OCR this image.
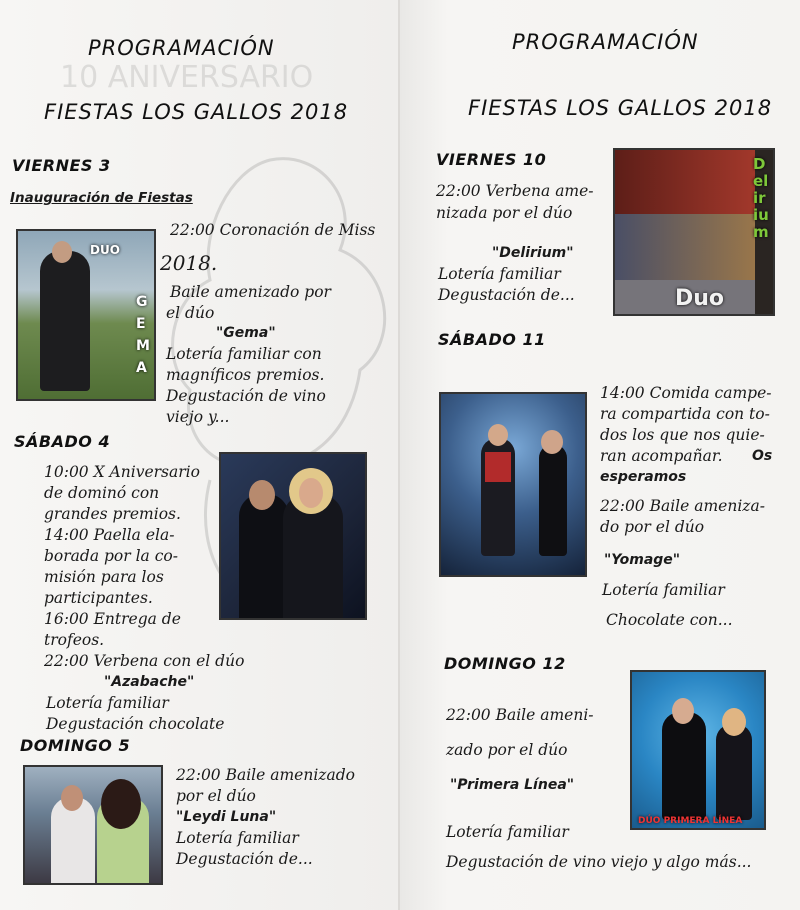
10 ANIVERSARIO
PROGRAMACIÓN
FIESTAS LOS GALLOS 2018
VIERNES 3
Inauguración de Fiestas
DUO
GEMA
22:00 Coronación de Miss
2018.
Baile amenizado por
el dúo
"Gema"
Lotería familiar con
magníficos premios.
Degustación de vino
viejo y...
SÁBADO 4
10:00 X Aniversario
de dominó con
grandes premios.
14:00 Paella ela-
borada por la co-
misión para los
participantes.
16:00 Entrega de
trofeos.
22:00 Verbena con el dúo
"Azabache"
Lotería familiar
Degustación chocolate
DOMINGO 5
22:00 Baile amenizado
por el dúo
"Leydi Luna"
Lotería familiar
Degustación de...
PROGRAMACIÓN
FIESTAS LOS GALLOS 2018
VIERNES 10
22:00 Verbena ame-
nizada por el dúo
"Delirium"
Lotería familiar
Degustación de...
Delirium
Duo
SÁBADO 11
14:00 Comida campe-
ra compartida con to-
dos los que nos quie-
ran acompañar. Os
esperamos
22:00 Baile ameniza-
do por el dúo
"Yomage"
Lotería familiar
Chocolate con...
DOMINGO 12
22:00 Baile ameni-
zado por el dúo
"Primera Línea"
Lotería familiar
Degustación de vino viejo y algo más...
DÚO PRIMERA LÍNEA
